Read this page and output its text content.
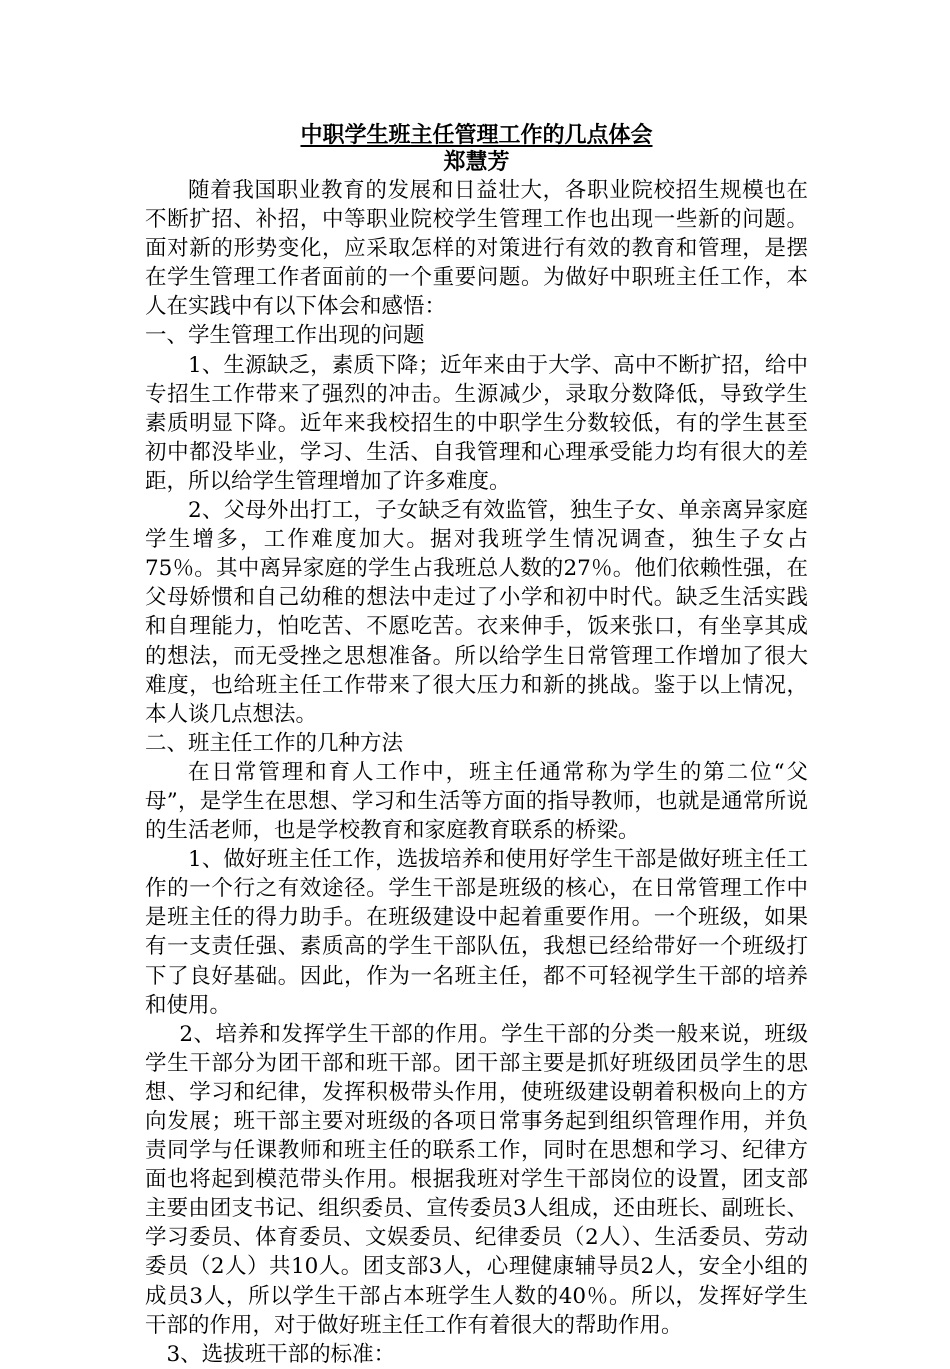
中职学生班主任管理工作的几点体会
郑慧芳

随着我国职业教育的发展和日益壮大，各职业院校招生规模也在不断扩招、补招，中等职业院校学生管理工作也出现一些新的问题。面对新的形势变化，应采取怎样的对策进行有效的教育和管理，是摆在学生管理工作者面前的一个重要问题。为做好中职班主任工作，本人在实践中有以下体会和感悟：

一、学生管理工作出现的问题

1、生源缺乏，素质下降；近年来由于大学、高中不断扩招，给中专招生工作带来了强烈的冲击。生源减少，录取分数降低，导致学生素质明显下降。近年来我校招生的中职学生分数较低，有的学生甚至初中都没毕业，学习、生活、自我管理和心理承受能力均有很大的差距，所以给学生管理增加了许多难度。

2、父母外出打工，子女缺乏有效监管，独生子女、单亲离异家庭学生增多，工作难度加大。据对我班学生情况调查，独生子女占75％。其中离异家庭的学生占我班总人数的27％。他们依赖性强，在父母娇惯和自己幼稚的想法中走过了小学和初中时代。缺乏生活实践和自理能力，怕吃苦、不愿吃苦。衣来伸手，饭来张口，有坐享其成的想法，而无受挫之思想准备。所以给学生日常管理工作增加了很大难度，也给班主任工作带来了很大压力和新的挑战。鉴于以上情况，本人谈几点想法。

二、班主任工作的几种方法

在日常管理和育人工作中，班主任通常称为学生的第二位“父母”，是学生在思想、学习和生活等方面的指导教师，也就是通常所说的生活老师，也是学校教育和家庭教育联系的桥梁。

1、做好班主任工作，选拔培养和使用好学生干部是做好班主任工作的一个行之有效途径。学生干部是班级的核心，在日常管理工作中是班主任的得力助手。在班级建设中起着重要作用。一个班级，如果有一支责任强、素质高的学生干部队伍，我想已经给带好一个班级打下了良好基础。因此，作为一名班主任，都不可轻视学生干部的培养和使用。

2、培养和发挥学生干部的作用。学生干部的分类一般来说，班级学生干部分为团干部和班干部。团干部主要是抓好班级团员学生的思想、学习和纪律，发挥积极带头作用，使班级建设朝着积极向上的方向发展；班干部主要对班级的各项日常事务起到组织管理作用，并负责同学与任课教师和班主任的联系工作，同时在思想和学习、纪律方面也将起到模范带头作用。根据我班对学生干部岗位的设置，团支部主要由团支书记、组织委员、宣传委员3人组成，还由班长、副班长、学习委员、体育委员、文娱委员、纪律委员（2人）、生活委员、劳动委员（2人）共10人。团支部3人，心理健康辅导员2人，安全小组的成员3人，所以学生干部占本班学生人数的40％。所以，发挥好学生干部的作用，对于做好班主任工作有着很大的帮助作用。

3、选拔班干部的标准：
